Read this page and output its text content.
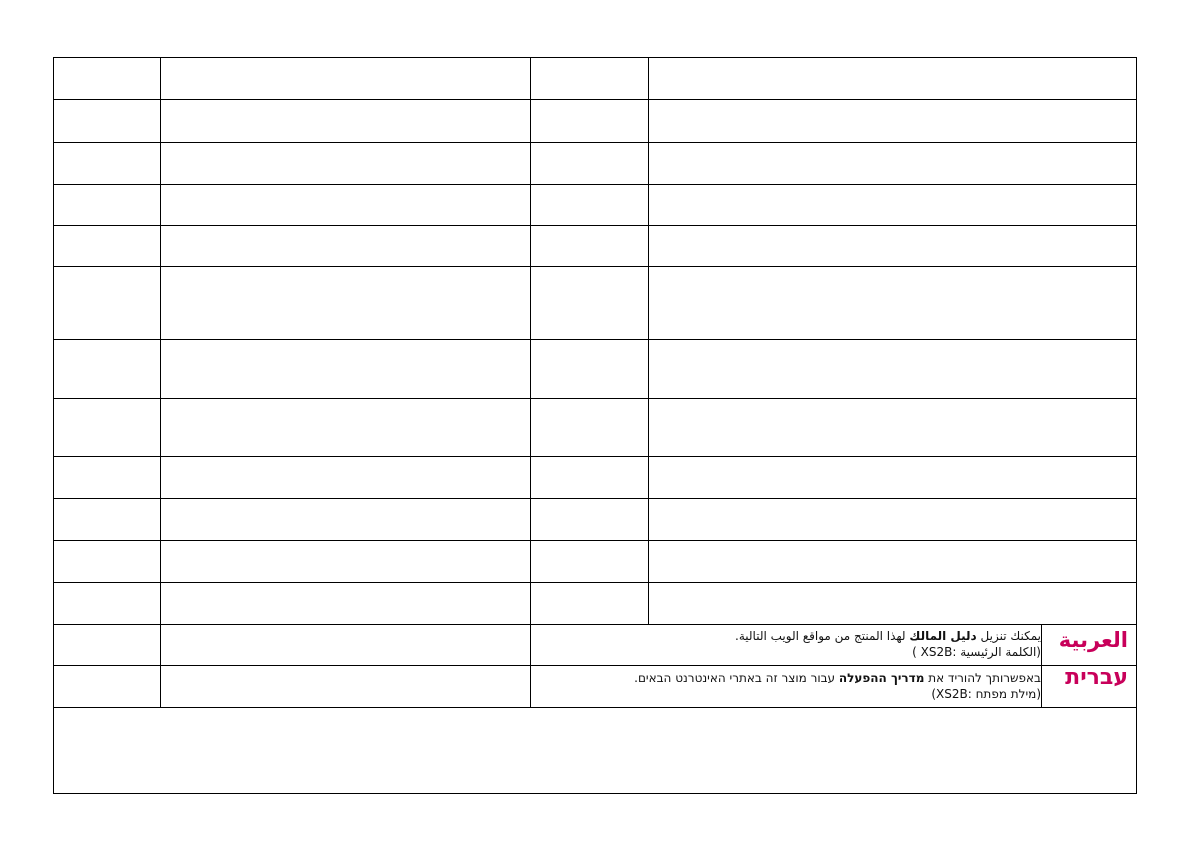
يمكنك تنزيل دليل المالك لهذا المنتج من مواقع الويب التالية.
(الكلمة الرئيسية :XS2B ) العربية
באפשרותך להוריד את מדריך ההפעלה עבור מוצר זה באתרי האינטרנט הבאים.
(מילת מפתח :XS2B)
עברית
